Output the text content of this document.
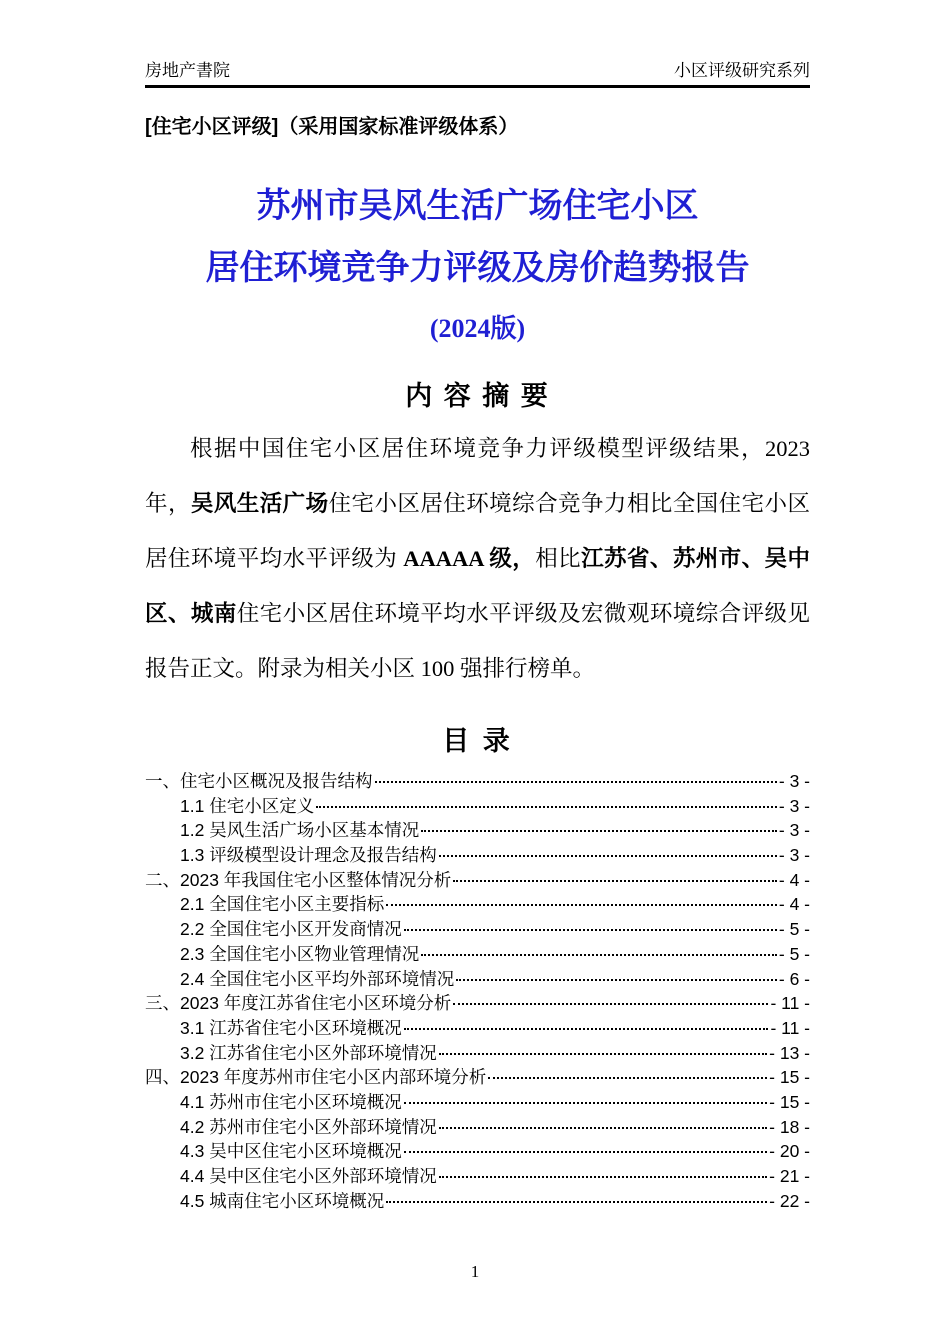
房地产書院	小区评级研究系列
[住宅小区评级]（采用国家标准评级体系）
苏州市吴风生活广场住宅小区
居住环境竞争力评级及房价趋势报告
(2024版)
内 容 摘 要

根据中国住宅小区居住环境竞争力评级模型评级结果，2023 年，吴风生活广场住宅小区居住环境综合竞争力相比全国住宅小区居住环境平均水平评级为 AAAAA 级，相比江苏省、苏州市、吴中区、城南住宅小区居住环境平均水平评级及宏微观环境综合评级见报告正文。附录为相关小区 100 强排行榜单。

目 录
一、住宅小区概况及报告结构	- 3 -
1.1 住宅小区定义	- 3 -
1.2 吴风生活广场小区基本情况	- 3 -
1.3 评级模型设计理念及报告结构	- 3 -
二、2023 年我国住宅小区整体情况分析	- 4 -
2.1 全国住宅小区主要指标	- 4 -
2.2 全国住宅小区开发商情况	- 5 -
2.3 全国住宅小区物业管理情况	- 5 -
2.4 全国住宅小区平均外部环境情况	- 6 -
三、2023 年度江苏省住宅小区环境分析	- 11 -
3.1 江苏省住宅小区环境概况	- 11 -
3.2 江苏省住宅小区外部环境情况	- 13 -
四、2023 年度苏州市住宅小区内部环境分析	- 15 -
4.1 苏州市住宅小区环境概况	- 15 -
4.2 苏州市住宅小区外部环境情况	- 18 -
4.3 吴中区住宅小区环境概况	- 20 -
4.4 吴中区住宅小区外部环境情况	- 21 -
4.5 城南住宅小区环境概况	- 22 -
1
